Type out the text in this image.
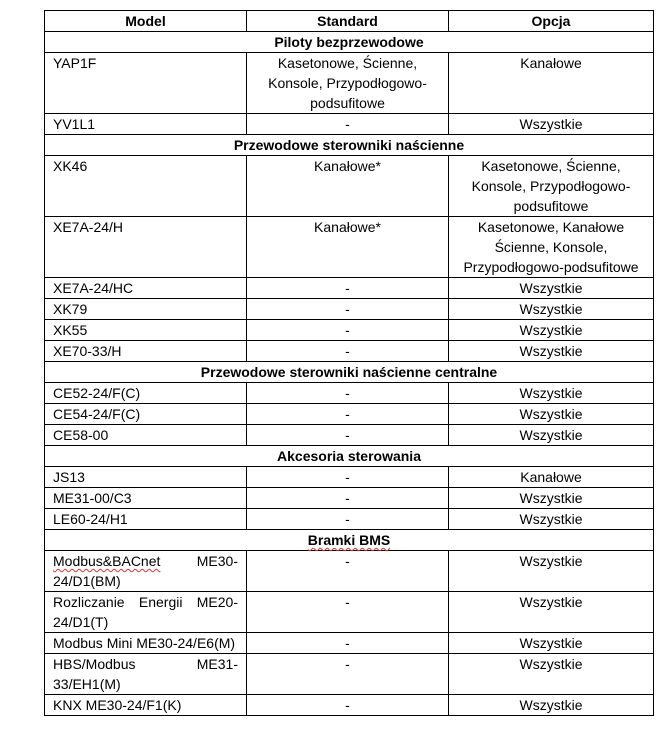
Model	Standard	Opcja
Piloty bezprzewodowe		
YAP1F	Kasetonowe, Ścienne, Konsole, Przypodłogowo-podsufitowe	Kanałowe
YV1L1	-	Wszystkie
Przewodowe sterowniki naścienne		
XK46	Kanałowe*	Kasetonowe, Ścienne, Konsole, Przypodłogowo-podsufitowe
XE7A-24/H	Kanałowe*	Kasetonowe, Kanałowe Ścienne, Konsole, Przypodłogowo-podsufitowe
XE7A-24/HC	-	Wszystkie
XK79	-	Wszystkie
XK55	-	Wszystkie
XE70-33/H	-	Wszystkie
Przewodowe sterowniki naścienne centralne		
CE52-24/F(C)	-	Wszystkie
CE54-24/F(C)	-	Wszystkie
CE58-00	-	Wszystkie
Akcesoria sterowania		
JS13	-	Kanałowe
ME31-00/C3	-	Wszystkie
LE60-24/H1	-	Wszystkie
Bramki BMS		
Modbus&BACnet ME30-24/D1(BM)	-	Wszystkie
Rozliczanie Energii ME20-24/D1(T)	-	Wszystkie
Modbus Mini ME30-24/E6(M)	-	Wszystkie
HBS/Modbus ME31-33/EH1(M)	-	Wszystkie
KNX ME30-24/F1(K)	-	Wszystkie
